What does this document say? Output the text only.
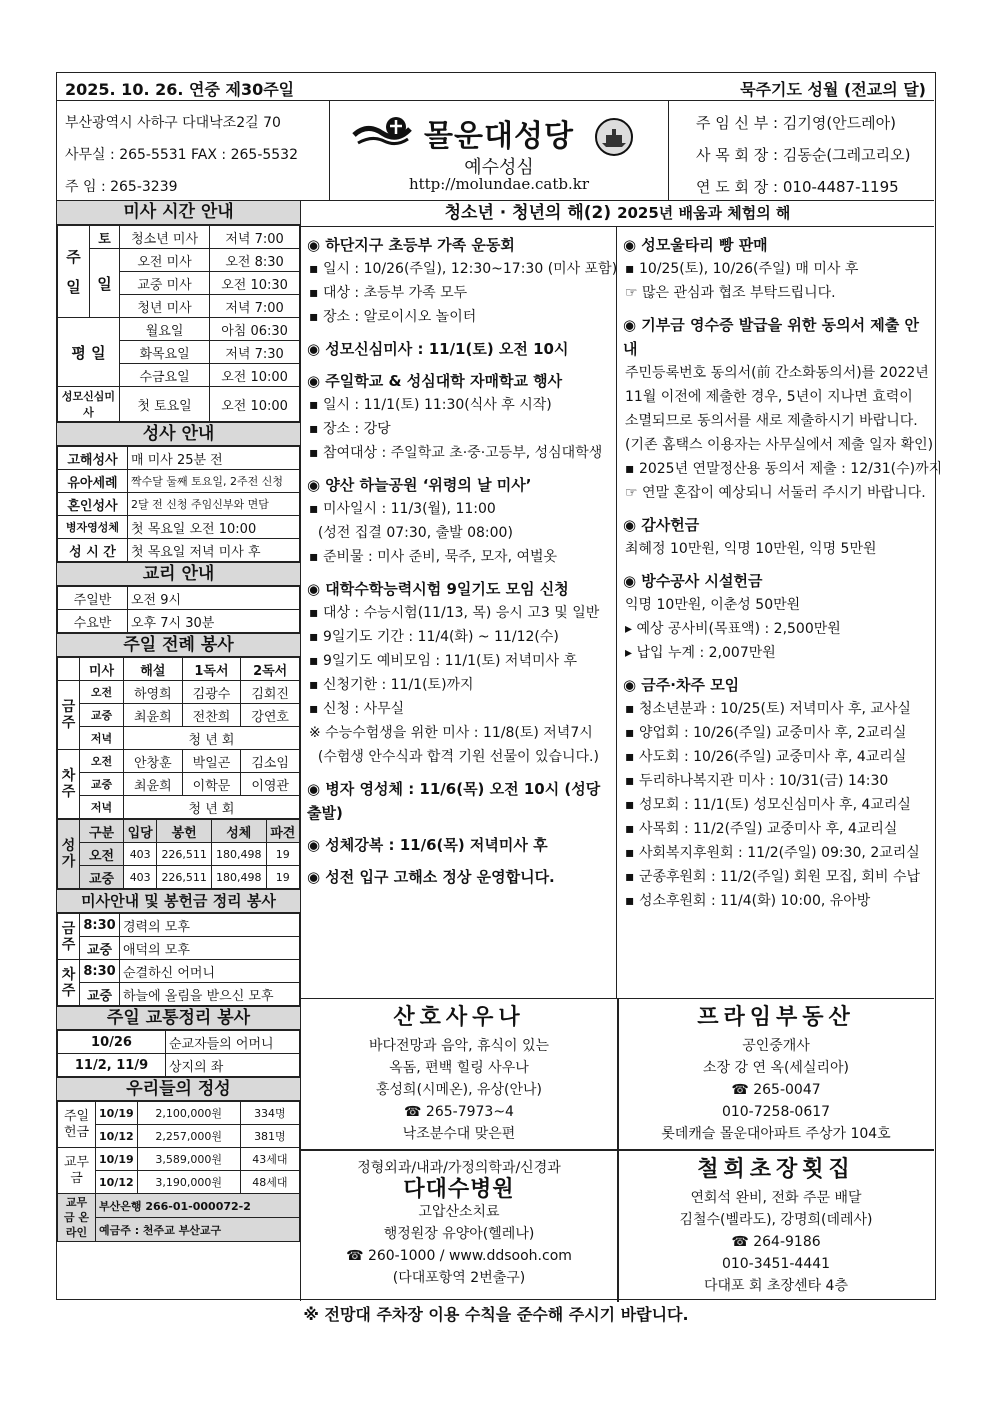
2025. 10. 26. 연중 제30주일	묵주기도 성월 (전교의 달)
부산광역시 사하구 다대낙조2길 70
사무실 : 265-5531 FAX : 265-5532
주 임 : 265-3239
몰운대성당
예수성심
http://molundae.catb.kr
주 임 신 부 : 김기영(안드레아)
사 목 회 장 : 김동순(그레고리오)
연 도 회 장 : 010-4487-1195
미사 시간 안내
주
일	토	청소년 미사	저녁 7:00
	일	오전 미사	오전 8:30
		교중 미사	오전 10:30
		청년 미사	저녁 7:00
평 일		월요일	아침 06:30
		화목요일	저녁 7:30
		수금요일	오전 10:00
성모신심미사		첫 토요일	오전 10:00
성사 안내
고해성사	매 미사 25분 전
유아세례	짝수달 둘째 토요일, 2주전 신청
혼인성사	2달 전 신청 주임신부와 면담
병자영성체	첫 목요일 오전 10:00
성 시 간	첫 목요일 저녁 미사 후
교리 안내
주일반	오전 9시
수요반	오후 7시 30분
주일 전례 봉사
	미사	해설	1독서	2독서
금주	오전	하영희	김광수	김회진
	교중	최윤희	전찬희	강연호
	저녁	청 년 회		
차주	오전	안창훈	박일곤	김소임
	교중	최윤희	이학문	이영관
	저녁	청 년 회		
성가	구분	입당	봉헌	성체	파견
	오전	403	226,511	180,498	19
	교중	403	226,511	180,498	19
미사안내 및 봉헌금 정리 봉사
금주	8:30	경력의 모후
	교중	애덕의 모후
차주	8:30	순결하신 어머니
	교중	하늘에 올림을 받으신 모후
주일 교통정리 봉사
10/26	순교자들의 어머니
11/2, 11/9	상지의 좌
우리들의 정성
주일헌금	10/19	2,100,000원	334명
	10/12	2,257,000원	381명
교무금	10/19	3,589,000원	43세대
	10/12	3,190,000원	48세대
교무금 온라인	부산은행 266-01-000072-2		
	예금주 : 천주교 부산교구		
청소년 · 청년의 해(2) 2025년 배움과 체험의 해
◉ 하단지구 초등부 가족 운동회
▪ 일시 : 10/26(주일), 12:30~17:30 (미사 포함)
▪ 대상 : 초등부 가족 모두
▪ 장소 : 알로이시오 놀이터
◉ 성모신심미사 : 11/1(토) 오전 10시
◉ 주일학교 & 성심대학 자매학교 행사
▪ 일시 : 11/1(토) 11:30(식사 후 시작)
▪ 장소 : 강당
▪ 참여대상 : 주일학교 초·중·고등부, 성심대학생
◉ 양산 하늘공원 ‘위령의 날 미사’
▪ 미사일시 : 11/3(월), 11:00
(성전 집결 07:30, 출발 08:00)
▪ 준비물 : 미사 준비, 묵주, 모자, 여벌옷
◉ 대학수학능력시험 9일기도 모임 신청
▪ 대상 : 수능시험(11/13, 목) 응시 고3 및 일반
▪ 9일기도 기간 : 11/4(화) ~ 11/12(수)
▪ 9일기도 예비모임 : 11/1(토) 저녁미사 후
▪ 신청기한 : 11/1(토)까지
▪ 신청 : 사무실
※ 수능수험생을 위한 미사 : 11/8(토) 저녁7시
(수험생 안수식과 합격 기원 선물이 있습니다.)
◉ 병자 영성체 : 11/6(목) 오전 10시 (성당 출발)
◉ 성체강복 : 11/6(목) 저녁미사 후
◉ 성전 입구 고해소 정상 운영합니다.
◉ 성모울타리 빵 판매
▪ 10/25(토), 10/26(주일) 매 미사 후
☞ 많은 관심과 협조 부탁드립니다.
◉ 기부금 영수증 발급을 위한 동의서 제출 안내
주민등록번호 동의서(前 간소화동의서)를 2022년
11월 이전에 제출한 경우, 5년이 지나면 효력이
소멸되므로 동의서를 새로 제출하시기 바랍니다.
(기존 홈택스 이용자는 사무실에서 제출 일자 확인)
▪ 2025년 연말정산용 동의서 제출 : 12/31(수)까지
☞ 연말 혼잡이 예상되니 서둘러 주시기 바랍니다.
◉ 감사헌금
최혜정 10만원, 익명 10만원, 익명 5만원
◉ 방수공사 시설헌금
익명 10만원, 이춘성 50만원
▸ 예상 공사비(목표액) : 2,500만원
▸ 납입 누계 : 2,007만원
◉ 금주·차주 모임
▪ 청소년분과 : 10/25(토) 저녁미사 후, 교사실
▪ 양업회 : 10/26(주일) 교중미사 후, 2교리실
▪ 사도회 : 10/26(주일) 교중미사 후, 4교리실
▪ 두리하나복지관 미사 : 10/31(금) 14:30
▪ 성모회 : 11/1(토) 성모신심미사 후, 4교리실
▪ 사목회 : 11/2(주일) 교중미사 후, 4교리실
▪ 사회복지후원회 : 11/2(주일) 09:30, 2교리실
▪ 군종후원회 : 11/2(주일) 회원 모집, 회비 수납
▪ 성소후원회 : 11/4(화) 10:00, 유아방
산호사우나
바다전망과 음악, 휴식이 있는
옥돔, 편백 힐링 사우나
홍성희(시메온), 유상(안나)
☎ 265-7973~4
낙조분수대 맞은편
프라임부동산
공인중개사
소장 강 연 옥(세실리아)
☎ 265-0047
010-7258-0617
롯데캐슬 몰운대아파트 주상가 104호
정형외과/내과/가정의학과/신경과
다대수병원
고압산소치료
행정원장 유양아(헬레나)
☎ 260-1000 / www.ddsooh.com
(다대포항역 2번출구)
철희초장횟집
연회석 완비, 전화 주문 배달
김철수(벨라도), 강명희(데레사)
☎ 264-9186
010-3451-4441
다대포 회 초장센타 4층
※ 전망대 주차장 이용 수칙을 준수해 주시기 바랍니다.
